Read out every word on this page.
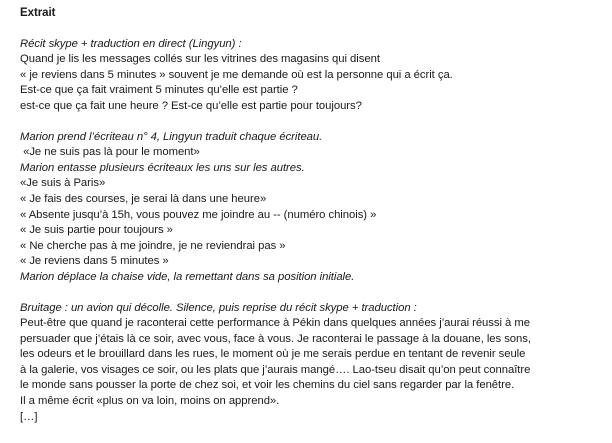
Extrait
Récit skype + traduction en direct (Lingyun) :
Quand je lis les messages collés sur les vitrines des magasins qui disent
« je reviens dans 5 minutes » souvent je me demande où est la personne qui a écrit ça.
Est-ce que ça fait vraiment 5 minutes qu’elle est partie ?
est-ce que ça fait une heure ? Est-ce qu’elle est partie pour toujours?
Marion prend l’écriteau n° 4, Lingyun traduit chaque écriteau.
«Je ne suis pas là pour le moment»
Marion entasse plusieurs écriteaux les uns sur les autres.
«Je suis à Paris»
« Je fais des courses, je serai là dans une heure»
« Absente jusqu’à 15h, vous pouvez me joindre au -- (numéro chinois) »
« Je suis partie pour toujours »
« Ne cherche pas à me joindre, je ne reviendrai pas »
« Je reviens dans 5 minutes »
Marion déplace la chaise vide, la remettant dans sa position initiale.
Bruitage : un avion qui décolle. Silence, puis reprise du récit skype + traduction :
Peut-être que quand je raconterai cette performance à Pékin dans quelques années j’aurai réussi à me
persuader que j’étais là ce soir, avec vous, face à vous. Je raconterai le passage à la douane, les sons,
les odeurs et le brouillard dans les rues, le moment où je me serais perdue en tentant de revenir seule
à la galerie, vos visages ce soir, ou les plats que j’aurais mangé…. Lao-tseu disait qu’on peut connaître
le monde sans pousser la porte de chez soi, et voir les chemins du ciel sans regarder par la fenêtre.
Il a même écrit «plus on va loin, moins on apprend».
[…]
